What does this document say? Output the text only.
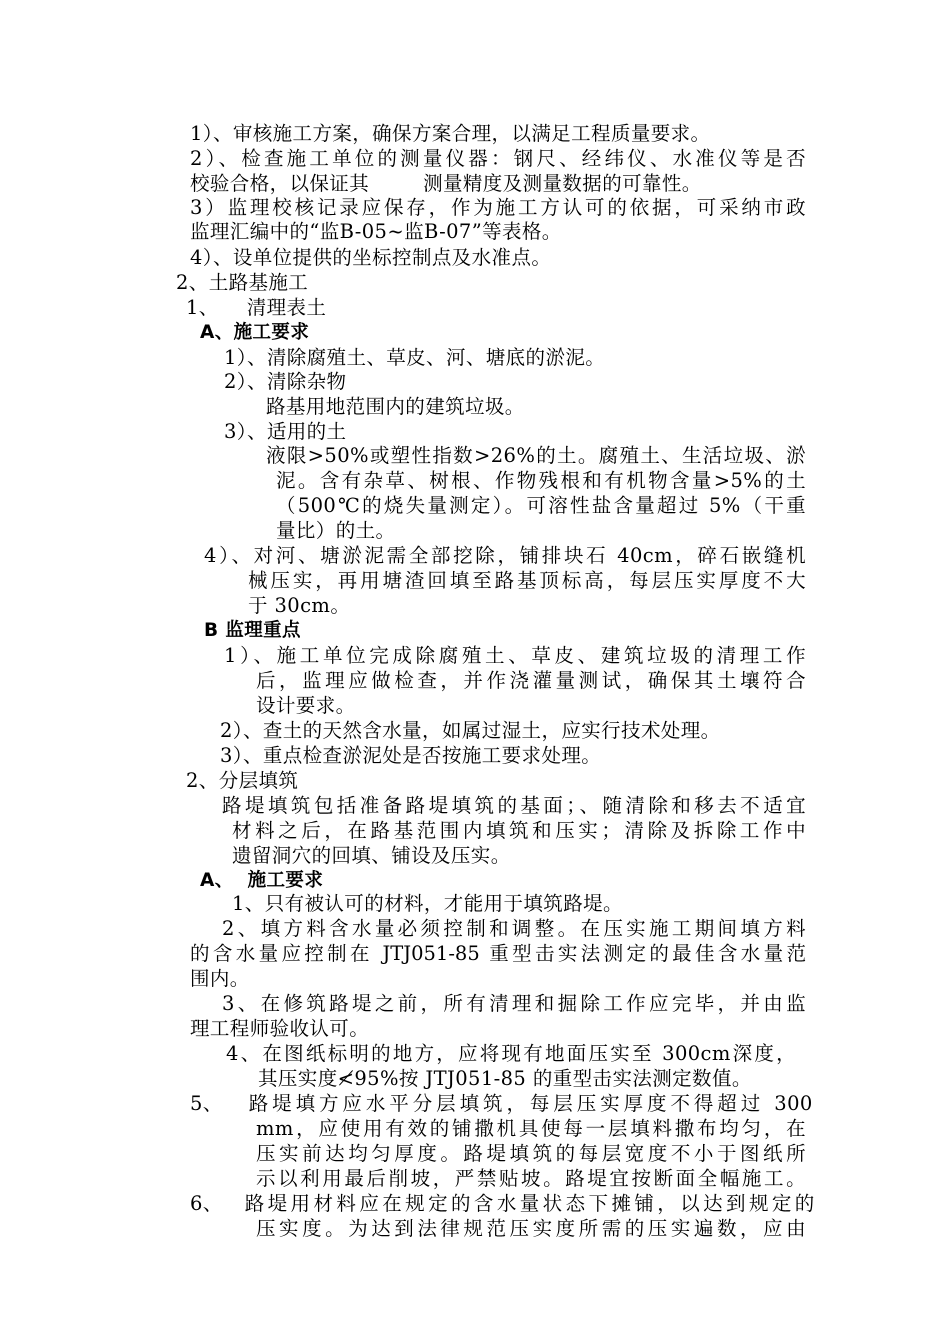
1）、审核施工方案，确保方案合理，以满足工程质量要求。
2）、检查施工单位的测量仪器：钢尺、经纬仪、水准仪等是否
校验合格，以保证其	测量精度及测量数据的可靠性。
3）监理校核记录应保存，作为施工方认可的依据，可采纳市政
监理汇编中的“监B-05~监B-07”等表格。
4）、设单位提供的坐标控制点及水准点。
2、土路基施工
1、 清理表土
A、施工要求
1）、清除腐殖土、草皮、河、塘底的淤泥。
2）、清除杂物
路基用地范围内的建筑垃圾。
3）、适用的土
液限>50%或塑性指数>26%的土。腐殖土、生活垃圾、淤
泥。含有杂草、树根、作物残根和有机物含量>5%的土
（500℃的烧失量测定）。可溶性盐含量超过 5%（干重
量比）的土。
4）、对河、塘淤泥需全部挖除，铺排块石 40cm，碎石嵌缝机
械压实，再用塘渣回填至路基顶标高，每层压实厚度不大
于 30cm。
B 监理重点
1）、施工单位完成除腐殖土、草皮、建筑垃圾的清理工作
后，监理应做检查，并作浇灌量测试，确保其土壤符合
设计要求。
2）、查土的天然含水量，如属过湿土，应实行技术处理。
3）、重点检查淤泥处是否按施工要求处理。
2、分层填筑
路堤填筑包括准备路堤填筑的基面；、随清除和移去不适宜
材料之后，在路基范围内填筑和压实；清除及拆除工作中
遗留洞穴的回填、铺设及压实。
A、 施工要求
1、只有被认可的材料，才能用于填筑路堤。
2、填方料含水量必须控制和调整。在压实施工期间填方料
的含水量应控制在 JTJ051-85 重型击实法测定的最佳含水量范
围内。
3、在修筑路堤之前，所有清理和掘除工作应完毕，并由监
理工程师验收认可。
4、在图纸标明的地方，应将现有地面压实至 300cm深度，
其压实度≮95%按 JTJ051-85 的重型击实法测定数值。
5、 路堤填方应水平分层填筑，每层压实厚度不得超过 300
mm，应使用有效的铺撒机具使每一层填料撒布均匀，在
压实前达均匀厚度。路堤填筑的每层宽度不小于图纸所
示以利用最后削坡，严禁贴坡。路堤宜按断面全幅施工。
6、 路堤用材料应在规定的含水量状态下摊铺，以达到规定的
压实度。为达到法律规范压实度所需的压实遍数，应由
